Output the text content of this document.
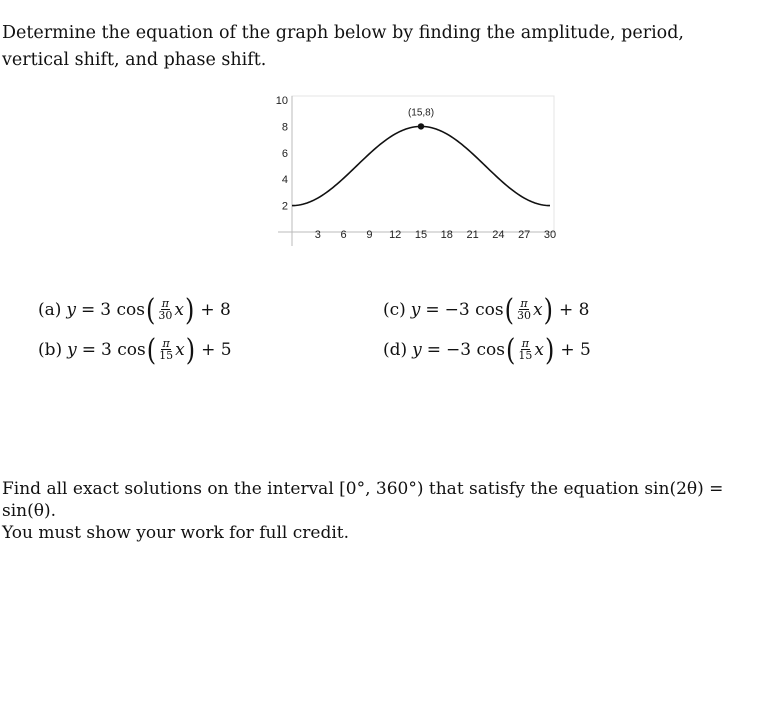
Determine the equation of the graph below by finding the amplitude, period, vertical shift, and phase shift.
10
8
6
4
2
3 6 9 12 15 18 21 24 27 30
(15,8)
(a) y = 3 cos ( $\frac{\pi}{30}$ x ) + 8
(b) y = 3 cos ( $\frac{\pi}{15}$ x ) + 5
(c) y = −3 cos ( $\frac{\pi}{30}$ x ) + 8
(d) y = −3 cos ( $\frac{\pi}{15}$ x ) + 5
Find all exact solutions on the interval [0°, 360°) that satisfy the equation sin(2θ) = sin(θ).
You must show your work for full credit.
